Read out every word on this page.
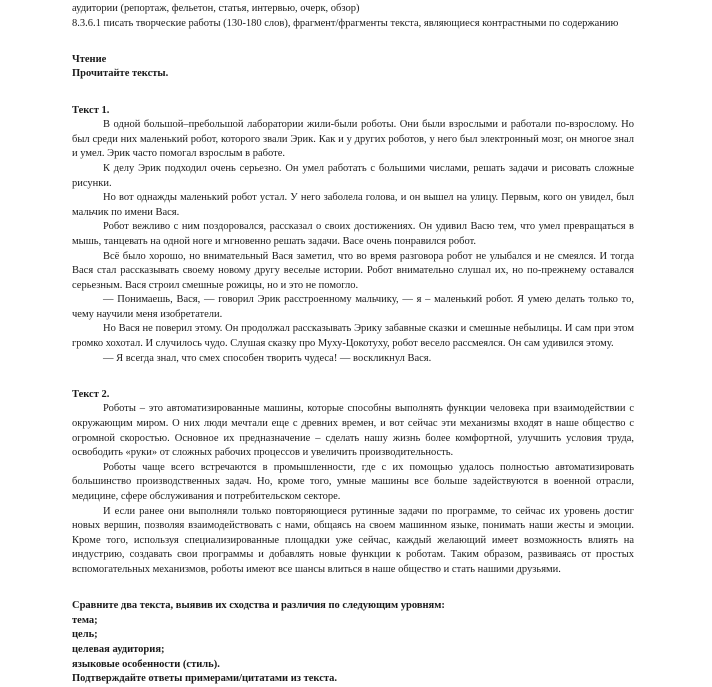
аудитории (репортаж, фельетон, статья, интервью, очерк, обзор)
8.3.6.1 писать творческие работы (130-180 слов), фрагмент/фрагменты текста, являющиеся контрастными по содержанию
Чтение
Прочитайте тексты.
Текст 1.

В одной большой–пребольшой лаборатории жили-были роботы. Они были взрослыми и работали по-взрослому. Но был среди них маленький робот, которого звали Эрик. Как и у других роботов, у него был электронный мозг, он многое знал и умел. Эрик часто помогал взрослым в работе.

К делу Эрик подходил очень серьезно. Он умел работать с большими числами, решать задачи и рисовать сложные рисунки.

Но вот однажды маленький робот устал. У него заболела голова, и он вышел на улицу. Первым, кого он увидел, был мальчик по имени Вася.

Робот вежливо с ним поздоровался, рассказал о своих достижениях. Он удивил Васю тем, что умел превращаться в мышь, танцевать на одной ноге и мгновенно решать задачи. Васе очень понравился робот.

Всё было хорошо, но внимательный Вася заметил, что во время разговора робот не улыбался и не смеялся. И тогда Вася стал рассказывать своему новому другу веселые истории. Робот внимательно слушал их, но по-прежнему оставался серьезным. Вася строил смешные рожицы, но и это не помогло.

— Понимаешь, Вася, — говорил Эрик расстроенному мальчику, — я – маленький робот. Я умею делать только то, чему научили меня изобретатели.

Но Вася не поверил этому. Он продолжал рассказывать Эрику забавные сказки и смешные небылицы. И сам при этом громко хохотал. И случилось чудо. Слушая сказку про Муху-Цокотуху, робот весело рассмеялся. Он сам удивился этому.

— Я всегда знал, что смех способен творить чудеса! — воскликнул Вася.

Текст 2.

Роботы – это автоматизированные машины, которые способны выполнять функции человека при взаимодействии с окружающим миром. О них люди мечтали еще с древних времен, и вот сейчас эти механизмы входят в наше общество с огромной скоростью. Основное их предназначение – сделать нашу жизнь более комфортной, улучшить условия труда, освободить «руки» от сложных рабочих процессов и увеличить производительность.

Роботы чаще всего встречаются в промышленности, где с их помощью удалось полностью автоматизировать большинство производственных задач. Но, кроме того, умные машины все больше задействуются в военной отрасли, медицине, сфере обслуживания и потребительском секторе.

И если ранее они выполняли только повторяющиеся рутинные задачи по программе, то сейчас их уровень достиг новых вершин, позволяя взаимодействовать с нами, общаясь на своем машинном языке, понимать наши жесты и эмоции. Кроме того, используя специализированные площадки уже сейчас, каждый желающий имеет возможность влиять на индустрию, создавать свои программы и добавлять новые функции к роботам. Таким образом, развиваясь от простых вспомогательных механизмов, роботы имеют все шансы влиться в наше общество и стать нашими друзьями.

Сравните два текста, выявив их сходства и различия по следующим уровням:
тема;
цель;
целевая аудитория;
языковые особенности (стиль).
Подтверждайте ответы примерами/цитатами из текста.
